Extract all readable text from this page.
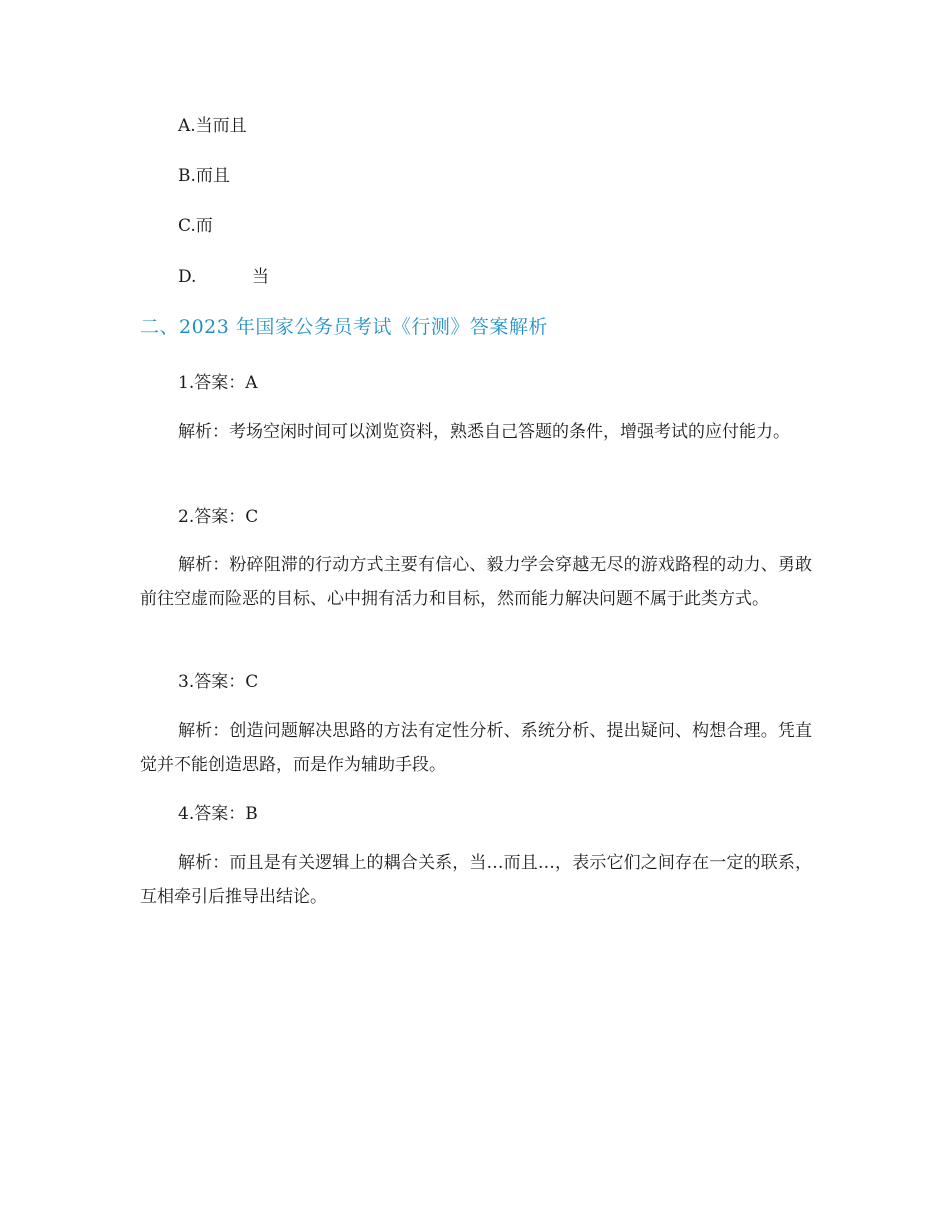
A.当而且
B.而且
C.而
D.	当
二、2023 年国家公务员考试《行测》答案解析
1.答案：A
解析：考场空闲时间可以浏览资料，熟悉自己答题的条件，增强考试的应付能力。
2.答案：C
解析：粉碎阻滞的行动方式主要有信心、毅力学会穿越无尽的游戏路程的动力、勇敢前往空虚而险恶的目标、心中拥有活力和目标，然而能力解决问题不属于此类方式。
3.答案：C
解析：创造问题解决思路的方法有定性分析、系统分析、提出疑问、构想合理。凭直觉并不能创造思路，而是作为辅助手段。
4.答案：B
解析：而且是有关逻辑上的耦合关系，当…而且…，表示它们之间存在一定的联系，互相牵引后推导出结论。
